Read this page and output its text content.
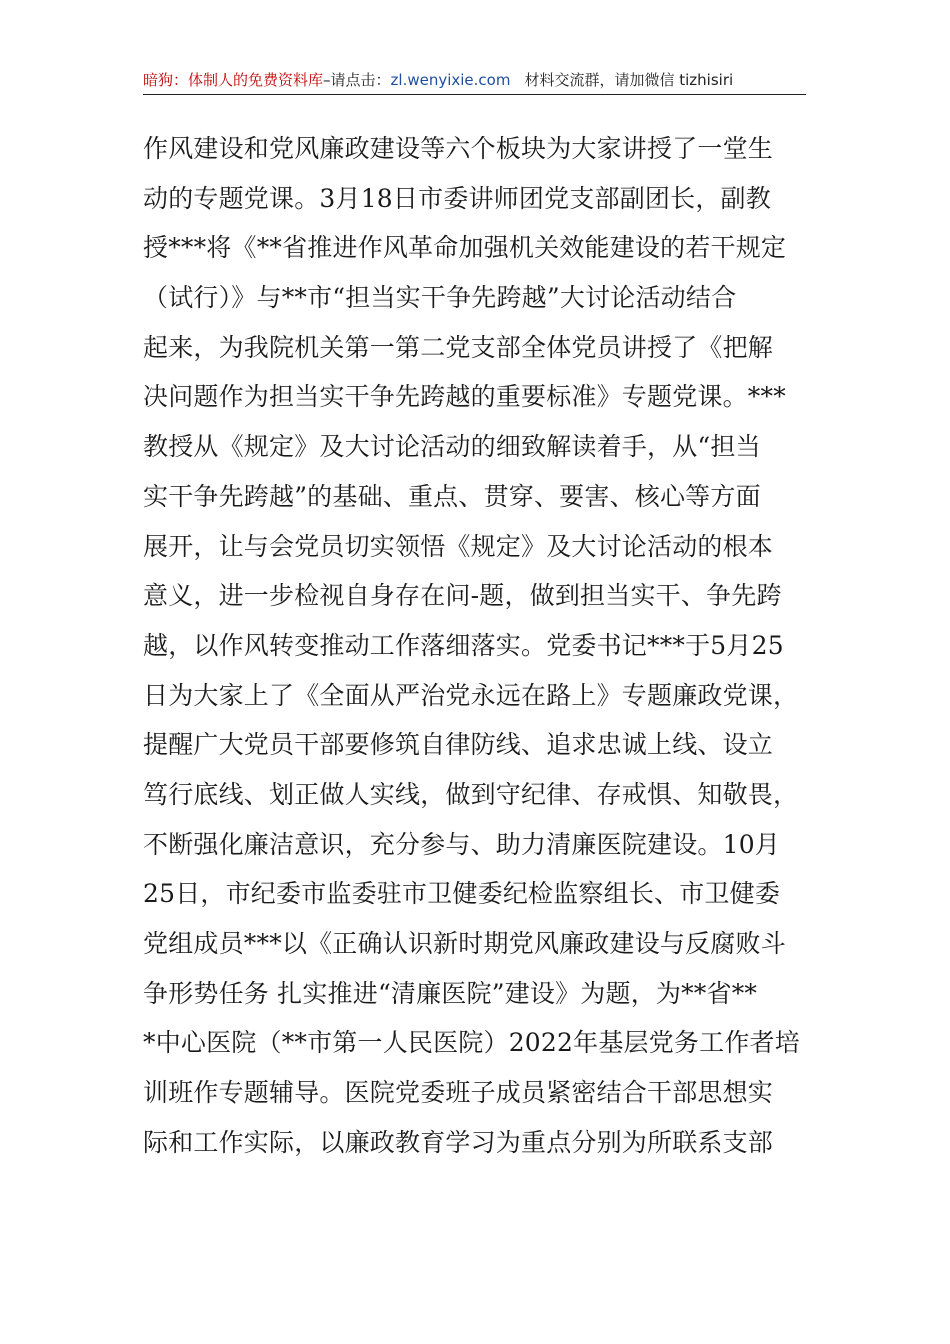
暗狗：体制人的免费资料库–请点击：zl.wenyixie.com 材料交流群，请加微信 tizhisiri
作风建设和党风廉政建设等六个板块为大家讲授了一堂生
动的专题党课。3月18日市委讲师团党支部副团长，副教
授***将《**省推进作风革命加强机关效能建设的若干规定
（试行）》与**市“担当实干争先跨越”大讨论活动结合
起来，为我院机关第一第二党支部全体党员讲授了《把解
决问题作为担当实干争先跨越的重要标准》专题党课。***
教授从《规定》及大讨论活动的细致解读着手，从“担当
实干争先跨越”的基础、重点、贯穿、要害、核心等方面
展开，让与会党员切实领悟《规定》及大讨论活动的根本
意义，进一步检视自身存在问-题，做到担当实干、争先跨
越，以作风转变推动工作落细落实。党委书记***于5月25
日为大家上了《全面从严治党永远在路上》专题廉政党课，
提醒广大党员干部要修筑自律防线、追求忠诚上线、设立
笃行底线、划正做人实线，做到守纪律、存戒惧、知敬畏，
不断强化廉洁意识，充分参与、助力清廉医院建设。10月
25日，市纪委市监委驻市卫健委纪检监察组长、市卫健委
党组成员***以《正确认识新时期党风廉政建设与反腐败斗
争形势任务 扎实推进“清廉医院”建设》为题，为**省**
*中心医院（**市第一人民医院）2022年基层党务工作者培
训班作专题辅导。医院党委班子成员紧密结合干部思想实
际和工作实际，以廉政教育学习为重点分别为所联系支部
